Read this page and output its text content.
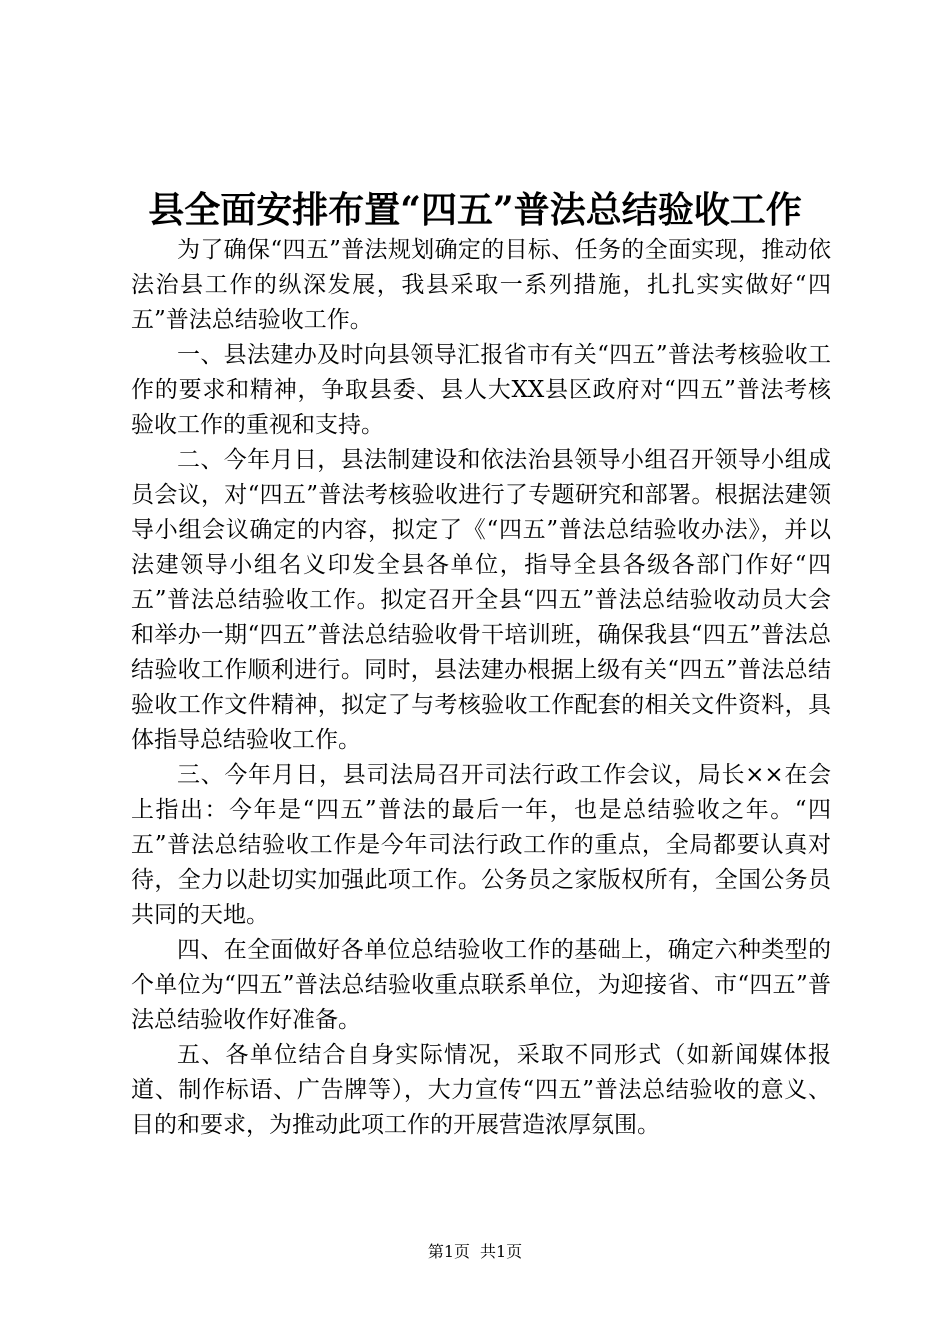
县全面安排布置“四五”普法总结验收工作

为了确保“四五”普法规划确定的目标、任务的全面实现，推动依法治县工作的纵深发展，我县采取一系列措施，扎扎实实做好“四五”普法总结验收工作。

一、县法建办及时向县领导汇报省市有关“四五”普法考核验收工作的要求和精神，争取县委、县人大XX县区政府对“四五”普法考核验收工作的重视和支持。

二、今年月日，县法制建设和依法治县领导小组召开领导小组成员会议，对“四五”普法考核验收进行了专题研究和部署。根据法建领导小组会议确定的内容，拟定了《“四五”普法总结验收办法》，并以法建领导小组名义印发全县各单位，指导全县各级各部门作好“四五”普法总结验收工作。拟定召开全县“四五”普法总结验收动员大会和举办一期“四五”普法总结验收骨干培训班，确保我县“四五”普法总结验收工作顺利进行。同时，县法建办根据上级有关“四五”普法总结验收工作文件精神，拟定了与考核验收工作配套的相关文件资料，具体指导总结验收工作。

三、今年月日，县司法局召开司法行政工作会议，局长××在会上指出：今年是“四五”普法的最后一年，也是总结验收之年。“四五”普法总结验收工作是今年司法行政工作的重点，全局都要认真对待，全力以赴切实加强此项工作。公务员之家版权所有，全国公务员共同的天地。

四、在全面做好各单位总结验收工作的基础上，确定六种类型的个单位为“四五”普法总结验收重点联系单位，为迎接省、市“四五”普法总结验收作好准备。

五、各单位结合自身实际情况，采取不同形式（如新闻媒体报道、制作标语、广告牌等），大力宣传“四五”普法总结验收的意义、目的和要求，为推动此项工作的开展营造浓厚氛围。

第1页 共1页
